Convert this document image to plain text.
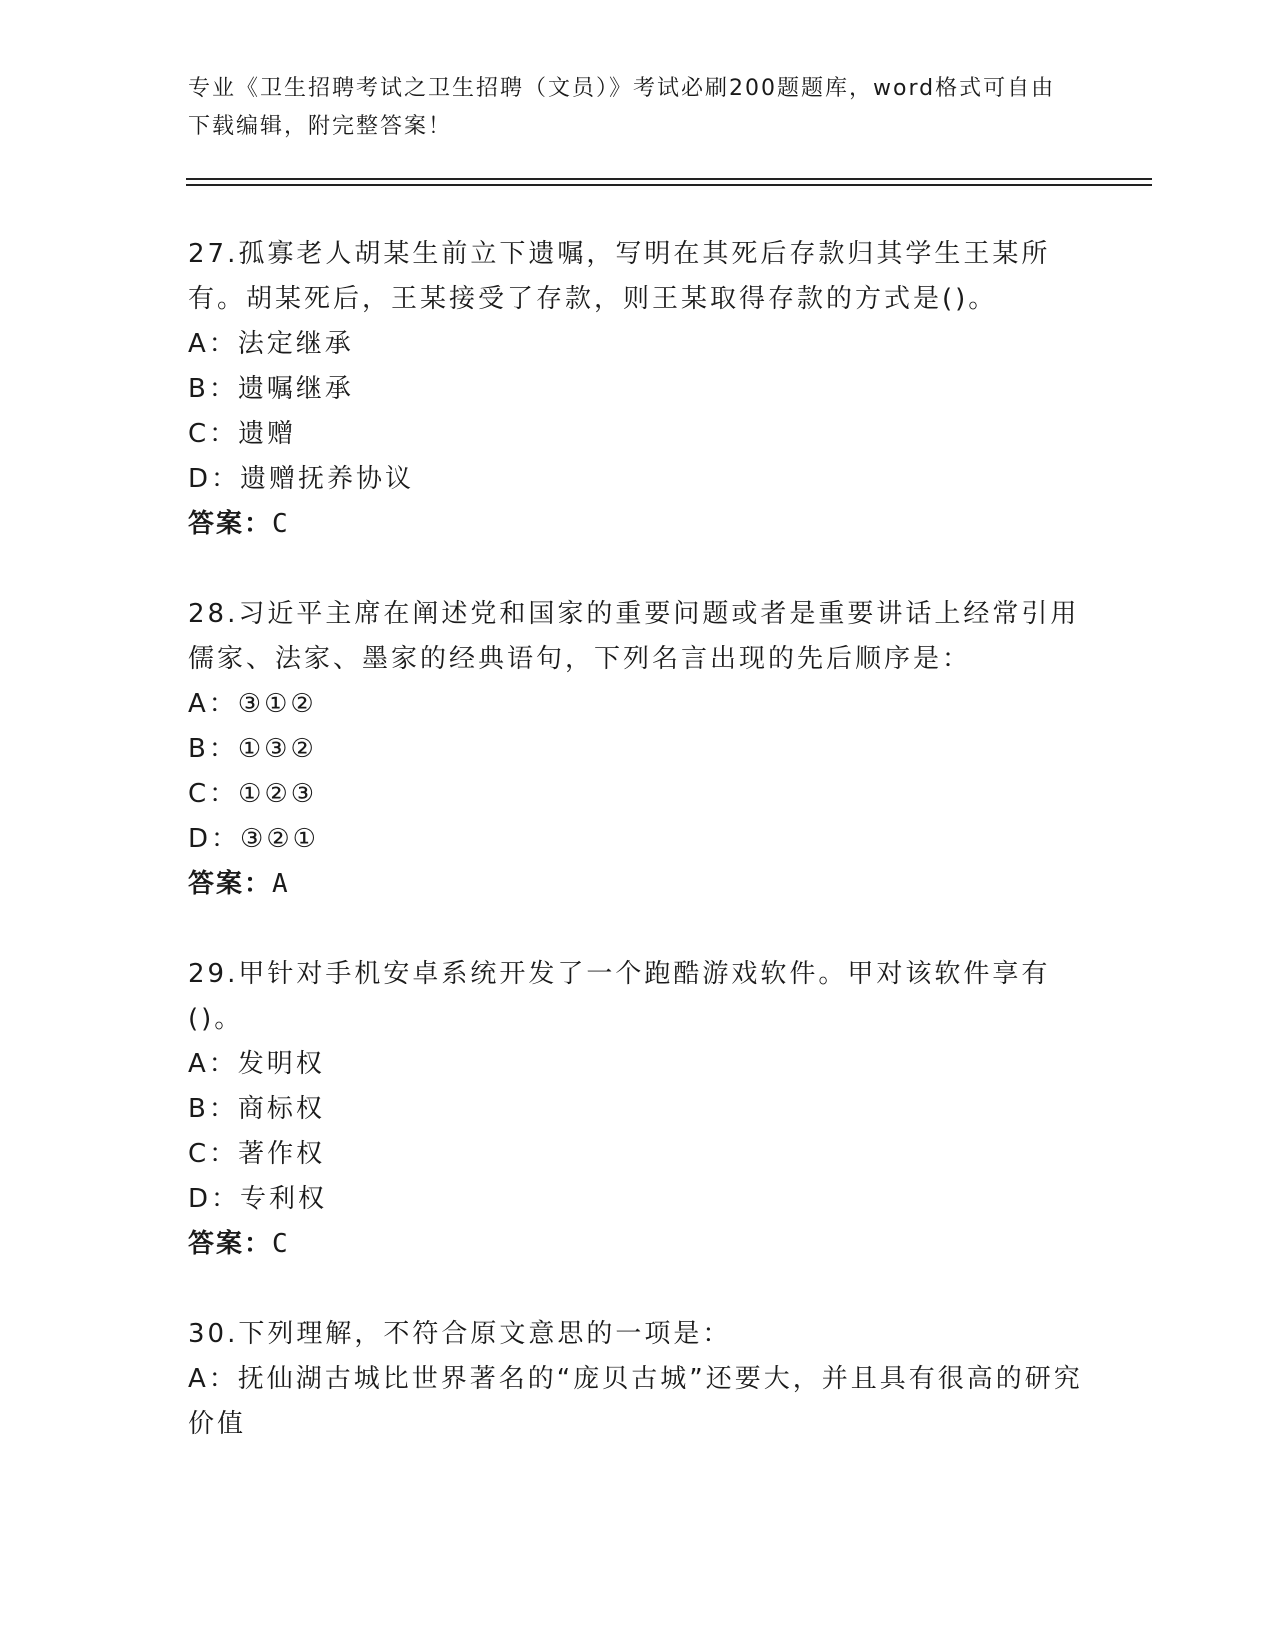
专业《卫生招聘考试之卫生招聘（文员）》考试必刷200题题库，word格式可自由下载编辑，附完整答案！

27.孤寡老人胡某生前立下遗嘱，写明在其死后存款归其学生王某所有。胡某死后，王某接受了存款，则王某取得存款的方式是()。

A：法定继承

B：遗嘱继承

C：遗赠

D：遗赠抚养协议

答案：C

28.习近平主席在阐述党和国家的重要问题或者是重要讲话上经常引用儒家、法家、墨家的经典语句，下列名言出现的先后顺序是：

A：③①②

B：①③②

C：①②③

D：③②①

答案：A

29.甲针对手机安卓系统开发了一个跑酷游戏软件。甲对该软件享有()。

A：发明权

B：商标权

C：著作权

D：专利权

答案：C

30.下列理解，不符合原文意思的一项是：

A：抚仙湖古城比世界著名的“庞贝古城”还要大，并且具有很高的研究价值
